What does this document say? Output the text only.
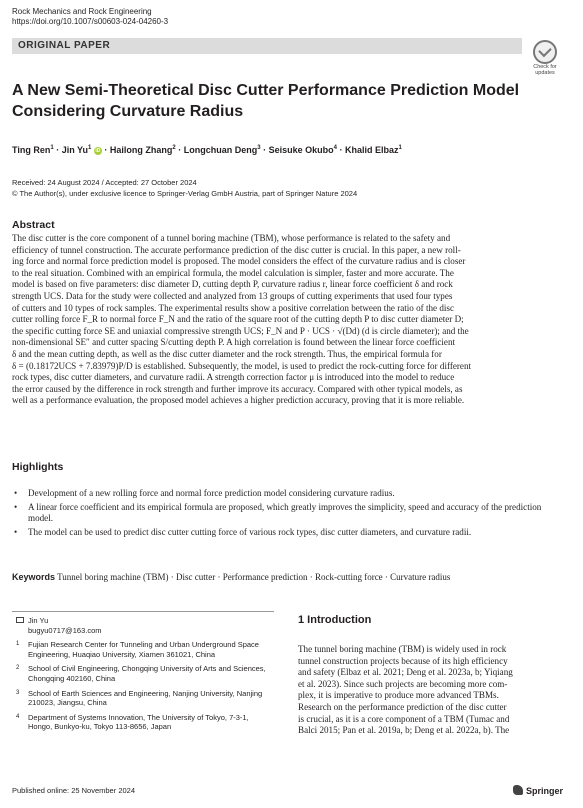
Rock Mechanics and Rock Engineering
https://doi.org/10.1007/s00603-024-04260-3
ORIGINAL PAPER
Check for
updates
A New Semi-Theoretical Disc Cutter Performance Prediction Model Considering Curvature Radius
Ting Ren$^1$ · Jin Yu$^1$ iD · Hailong Zhang$^2$ · Longchuan Deng$^3$ · Seisuke Okubo$^4$ · Khalid Elbaz$^1$
Received: 24 August 2024 / Accepted: 27 October 2024
© The Author(s), under exclusive licence to Springer-Verlag GmbH Austria, part of Springer Nature 2024
Abstract
The disc cutter is the core component of a tunnel boring machine (TBM), whose performance is related to the safety and
efficiency of tunnel construction. The accurate performance prediction of the disc cutter is crucial. In this paper, a new roll-
ing force and normal force prediction model is proposed. The model considers the effect of the curvature radius and is closer
to the real situation. Combined with an empirical formula, the model calculation is simpler, faster and more accurate. The
model is based on five parameters: disc diameter D, cutting depth P, curvature radius r, linear force coefficient δ and rock
strength UCS. Data for the study were collected and analyzed from 13 groups of cutting experiments that used four types
of cutters and 10 types of rock samples. The experimental results show a positive correlation between the ratio of the disc
cutter rolling force F_R to normal force F_N and the ratio of the square root of the cutting depth P to disc cutter diameter D;
the specific cutting force SE and uniaxial compressive strength UCS; F_N and P · UCS · √(Dd) (d is circle diameter); and the
non-dimensional SE″ and cutter spacing S/cutting depth P. A high correlation is found between the linear force coefficient
δ and the mean cutting depth, as well as the disc cutter diameter and the rock strength. Thus, the empirical formula for
δ = (0.18172UCS + 7.83979)P/D is established. Subsequently, the model, is used to predict the rock-cutting force for different
rock types, disc cutter diameters, and curvature radii. A strength correction factor μ is introduced into the model to reduce
the error caused by the difference in rock strength and further improve its accuracy. Compared with other typical models, as
well as a performance evaluation, the proposed model achieves a higher prediction accuracy, proving that it is more reliable.
Highlights
• Development of a new rolling force and normal force prediction model considering curvature radius.
• A linear force coefficient and its empirical formula are proposed, which greatly improves the simplicity, speed and accuracy of the prediction model.
• The model can be used to predict disc cutter cutting force of various rock types, disc cutter diameters, and curvature radii.
Keywords Tunnel boring machine (TBM) · Disc cutter · Performance prediction · Rock-cutting force · Curvature radius
Jin Yu
bugyu0717@163.com
1 Fujian Research Center for Tunneling and Urban Underground Space Engineering, Huaqiao University, Xiamen 361021, China
2 School of Civil Engineering, Chongqing University of Arts and Sciences, Chongqing 402160, China
3 School of Earth Sciences and Engineering, Nanjing University, Nanjing 210023, Jiangsu, China
4 Department of Systems Innovation, The University of Tokyo, 7-3-1, Hongo, Bunkyo-ku, Tokyo 113-8656, Japan
1 Introduction
The tunnel boring machine (TBM) is widely used in rock
tunnel construction projects because of its high efficiency
and safety (Elbaz et al. 2021; Deng et al. 2023a, b; Yiqiang
et al. 2023). Since such projects are becoming more com-
plex, it is imperative to produce more advanced TBMs.
Research on the performance prediction of the disc cutter
is crucial, as it is a core component of a TBM (Tumac and
Balci 2015; Pan et al. 2019a, b; Deng et al. 2022a, b). The
Published online: 25 November 2024	Springer
